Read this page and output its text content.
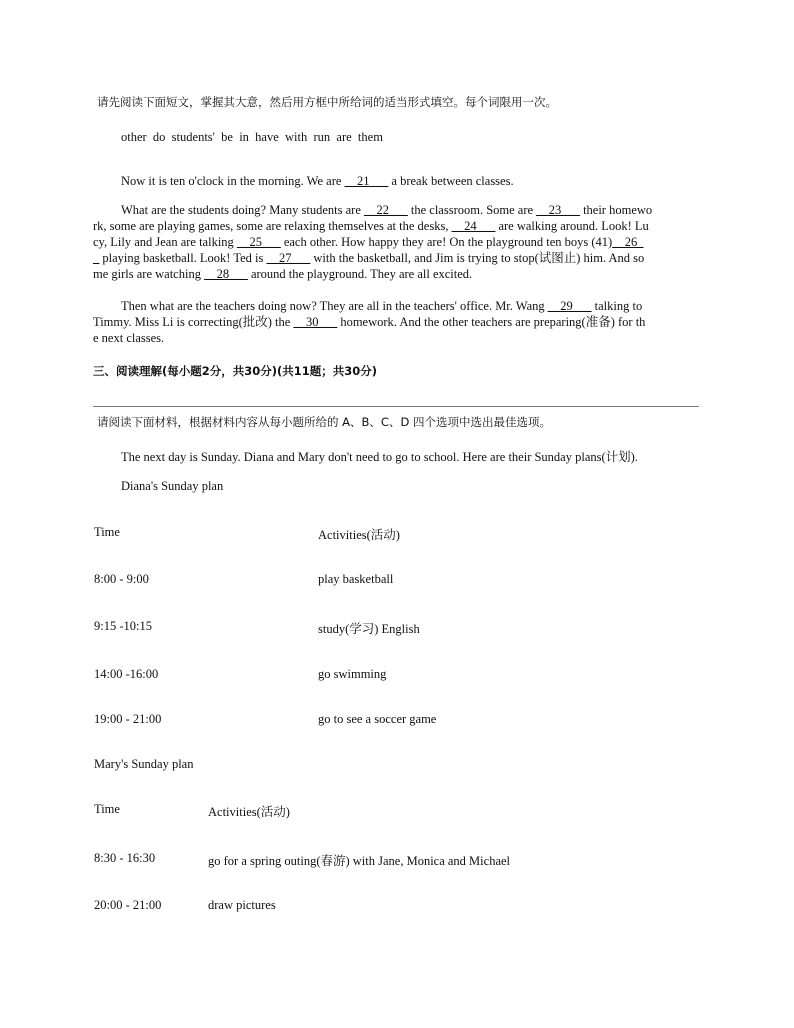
请先阅读下面短文，掌握其大意，然后用方框中所给词的适当形式填空。每个词限用一次。
other  do  students'  be  in  have  with  run  are  them
Now it is ten o'clock in the morning. We are __21___ a break between classes.
What are the students doing? Many students are __22___ the classroom. Some are __23___ their homewo
rk, some are playing games, some are relaxing themselves at the desks, __24___ are walking around. Look! Lu
cy, Lily and Jean are talking __25___ each other. How happy they are! On the playground ten boys (41)__26_
_ playing basketball. Look! Ted is __27___ with the basketball, and Jim is trying to stop(试图止) him. And so
me girls are watching __28___ around the playground. They are all excited.
Then what are the teachers doing now? They are all in the teachers' office. Mr. Wang __29___ talking to
Timmy. Miss Li is correcting(批改) the __30___ homework. And the other teachers are preparing(准备) for th
e next classes.
三、阅读理解(每小题2分，共30分)(共11题；共30分)
请阅读下面材料，根据材料内容从每小题所给的 A、B、C、D 四个选项中选出最佳选项。
The next day is Sunday. Diana and Mary don't need to go to school. Here are their Sunday plans(计划).
Diana's Sunday plan
Time	Activities(活动)
8:00 - 9:00	play basketball
9:15 -10:15	study(学习) English
14:00 -16:00	go swimming
19:00 - 21:00	go to see a soccer game
Mary's Sunday plan
Time	Activities(活动)
8:30 - 16:30	go for a spring outing(春游) with Jane, Monica and Michael
20:00 - 21:00	draw pictures
